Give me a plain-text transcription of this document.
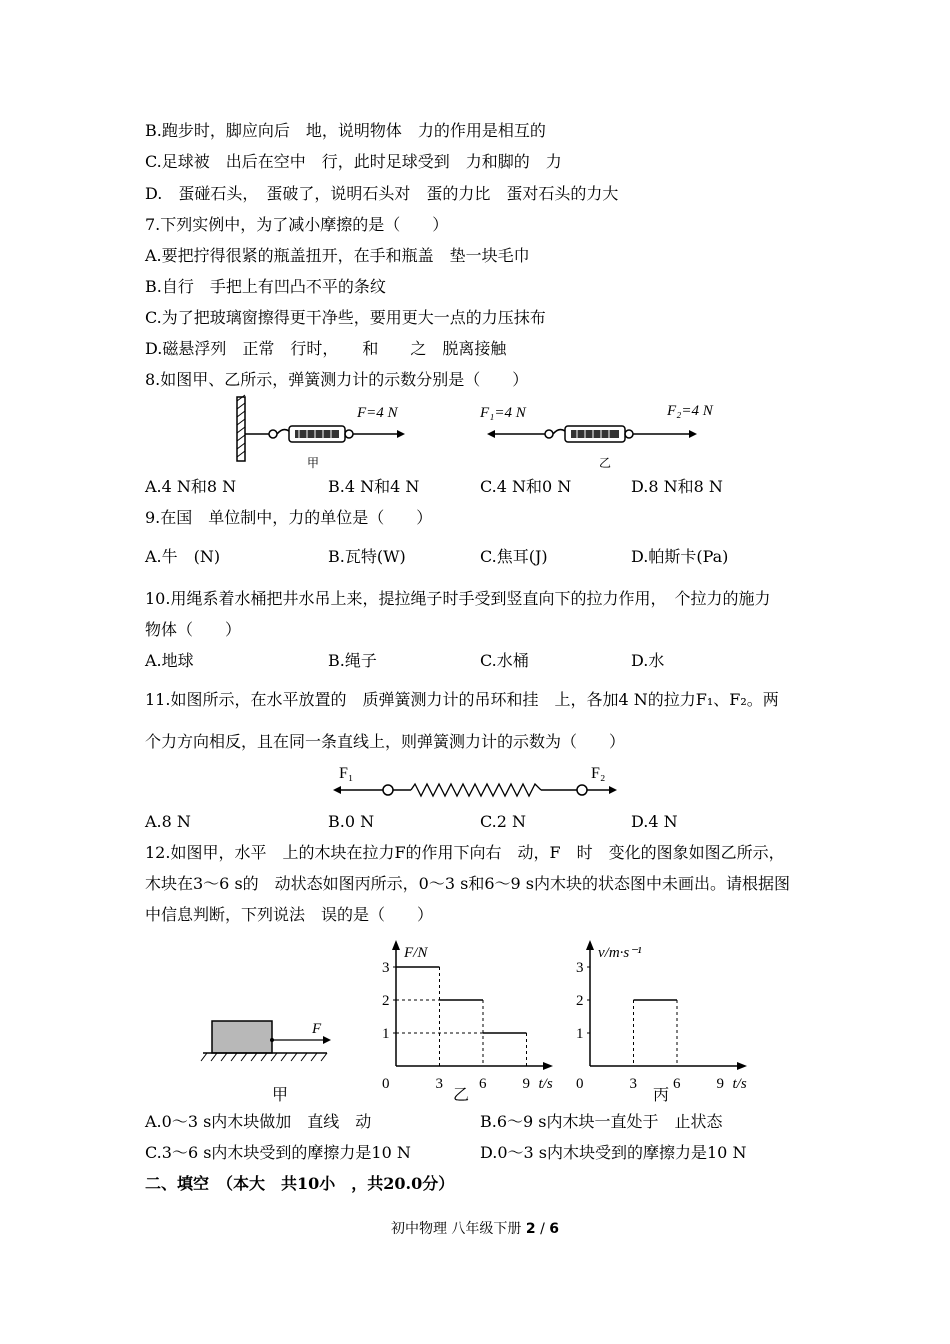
B.跑步时，脚应向后　地，说明物体　力的作用是相互的
C.足球被　出后在空中　行，此时足球受到　力和脚的　力
D.　蛋碰石头，　蛋破了，说明石头对　蛋的力比　蛋对石头的力大
7.下列实例中，为了减小摩擦的是（　　）
A.要把拧得很紧的瓶盖扭开，在手和瓶盖　垫一块毛巾
B.自行　手把上有凹凸不平的条纹
C.为了把玻璃窗擦得更干净些，要用更大一点的力压抹布
D.磁悬浮列　正常　行时，　　和　　之　脱离接触
8.如图甲、乙所示，弹簧测力计的示数分别是（　　）
F=4 N
甲
F₁=4 N	F₂=4 N
乙
A.4 N和8 N	B.4 N和4 N	C.4 N和0 N	D.8 N和8 N
9.在国　单位制中，力的单位是（　　）
A.牛　(N)	B.瓦特(W)	C.焦耳(J)	D.帕斯卡(Pa)
10.用绳系着水桶把井水吊上来，提拉绳子时手受到竖直向下的拉力作用，　个拉力的施力
物体（　　）
A.地球	B.绳子	C.水桶	D.水
11.如图所示，在水平放置的　质弹簧测力计的吊环和挂　上，各加4 N的拉力F₁、F₂。两
个力方向相反，且在同一条直线上，则弹簧测力计的示数为（　　）
F₁	F₂
A.8 N	B.0 N	C.2 N	D.4 N
12.如图甲，水平　上的木块在拉力F的作用下向右　动，F　时　变化的图象如图乙所示，
木块在3～6 s的　动状态如图丙所示，0～3 s和6～9 s内木块的状态图中未画出。请根据图
中信息判断，下列说法　误的是（　　）
F
甲
1
2
3
0	3 6 9
F/N
t/s
乙
1
2
3
0	3 6 9
v/m·s⁻¹
t/s
丙
A.0～3 s内木块做加　直线　动	B.6～9 s内木块一直处于　止状态
C.3～6 s内木块受到的摩擦力是10 N	D.0～3 s内木块受到的摩擦力是10 N
二、填空　（本大　共10小　，共20.0分）
初中物理 八年级下册 2 / 6
